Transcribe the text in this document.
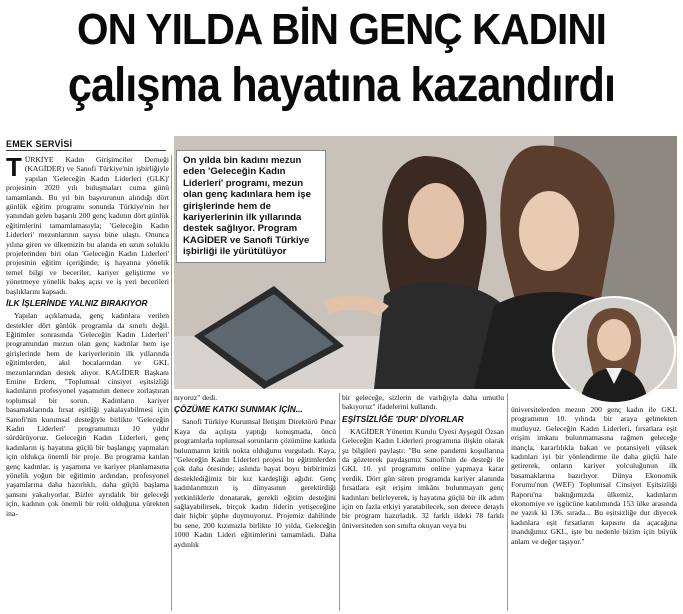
ON YILDA BİN GENÇ KADINI
çalışma hayatına kazandırdı
EMEK SERVİSİ

TÜRKİYE Kadın Girişimciler Derneği (KAGİDER) ve Sanofi Türkiye'nin işbirliğiyle yapılan 'Geleceğin Kadın Liderleri (GLK)' projesinin 2020 yılı buluşmaları cuma günü tamamlandı. Bu yıl bin başvurunun alındığı dört günlük eğitim programı sonunda Türkiye'nin her yanından gelen başarılı 200 genç kadının dört günlük eğitimlerini tamamlamasıyla; 'Geleceğin Kadın Liderleri' mezunlarının sayısı bine ulaştı. Onunca yılına giren ve ülkemizin bu alanda en uzun soluklu projelerinden biri olan 'Geleceğin Kadın Liderleri' projesinin eğitim içeriğinde; iş hayatına yönelik temel bilgi ve beceriler, kariyer geliştirme ve yönetmeye yönelik bakış açısı ve iş yeri becerileri başlıklarını kapsadı.

İLK İŞLERİNDE YALNIZ BIRAKIYOR

Yapılan açıklamada, genç kadınlara verilen destekler dört günlük programla da sınırlı değil. Eğitimler sonrasında 'Geleceğin Kadın Liderleri' programından mezun olan genç kadınlar hem işe girişlerinde hem de kariyerlerinin ilk yıllarında eğitimlerden, akıl hocalarından ve GKL mezunlarından destek alıyor. KAGİDER Başkanı Emine Erdem, "Toplumsal cinsiyet eşitsizliği kadınların profesyonel yaşamının denece zorlaştıran toplumsal bir sorun. Kadınların kariyer basamaklarında fırsat eşitliği yakalayabilmesi için Sanofi'nin kurumsal desteğiyle birlikte 'Geleceğin Kadın Liderleri' programımızı 10 yıldır sürdürüyoruz. Geleceğin Kadın Liderleri, genç kadınların iş hayatına güçlü bir başlangıç yapmaları için oldukça önemli bir proje. Bu programa katılan genç kadınlar, iş yaşamına ve kariyer planlamasına yönelik yoğun bir eğitimin ardından, profesyonel yaşamlarına daha hazırlıklı, daha güçlü başlama şansını yakalıyorlar. Bizler ayrıdalık bir geleceği için, kadının çok önemli bir rolü olduğuna yürekten ina-

On yılda bin kadını mezun eden 'Geleceğin Kadın Liderleri' programı, mezun olan genç kadınlara hem işe girişlerinde hem de kariyerlerinin ilk yıllarında destek sağlıyor. Program KAGİDER ve Sanofi Türkiye işbirliği ile yürütülüyor

nıyoruz" dedi.

ÇÖZÜME KATKI SUNMAK İÇİN...

Sanofi Türkiye Kurumsal İletişim Direktörü Pınar Kaya da açılışta yaptığı konuşmada, öncü programlarla toplumsal sorunların çözümüne katkıda bulunmanın kritik nokta olduğunu vurguladı. Kaya, "Geleceğin Kadın Liderleri projesi bu eğitimlerden çok daha ötesinde; aslında hayat boyu birbirimizi desteklediğimiz bir kız kardeşliği ağıdır. Genç kadınlarımızın iş dünyasının gerektirdiği yetkinliklerle donatarak, gerekli eğitim desteğini sağlayabilirsek, birçok kadın liderin yetişeceğine dair hiçbir şüphe duymuyoruz. Projemiz dahilinde bu sene, 200 kızımızla birlikte 10 yılda, Geleceğin 1000 Kadın Lideri eğitimlerini tamamladı. Daha aydınlık

bir geleceğe, sizlerin de varlığıyla daha umutlu bakıyoruz" ifadelerini kullandı.

EŞİTSİZLİĞE 'DUR' DİYORLAR

KAGİDER Yönetim Kurulu Üyesi Ayşegül Özsan Geleceğin Kadın Liderleri programına ilişkin olarak şu bilgileri paylaştı: "Bu sene pandemi koşullarına da gözeterek paydaşımız Sanofi'nin de desteği ile GKL 10. yıl programını online yapmaya karar verdik. Dört gün süren programda kariyer alanında fırsatlara eşit erişim imkânı bulunmayan genç kadınları belirleyerek, iş hayatına güçlü bir ilk adım için en fazla etkiyi yaratabilecek, son derece detaylı bir program hazırladık. 32 farklı ildeki 78 farklı üniversiteden son sınıfta okuyan veya bu

üniversitelerden mezun 200 genç kadın ile GKL programının 10. yılında bir araya gelmekten mutluyuz. Geleceğin Kadın Liderleri, fırsatlara eşit erişim imkanı bulunmamasına rağmen geleceğe inançla, kararlılıkla bakan ve potansiyeli yüksek kadınları iyi bir yönlendirme ile daha güçlü hale getirerek, onların kariyer yolculuğunun ilk basamaklarına hazırlıyor. Dünya Ekonomik Forumu'nun (WEF) Toplumsal Cinsiyet Eşitsizliği Raporu'na baktığımızda ülkemiz, kadınların ekonomiye ve işgücüne katılımında 153 ülke arasında ne yazık ki 136. sırada... Bu eşitsizliğe dur diyecek kadınlara eşit fırsatların kapısını da açacağına inandığımız GKL, işte bu nedenle bizim için büyük anlam ve değer taşıyor."
